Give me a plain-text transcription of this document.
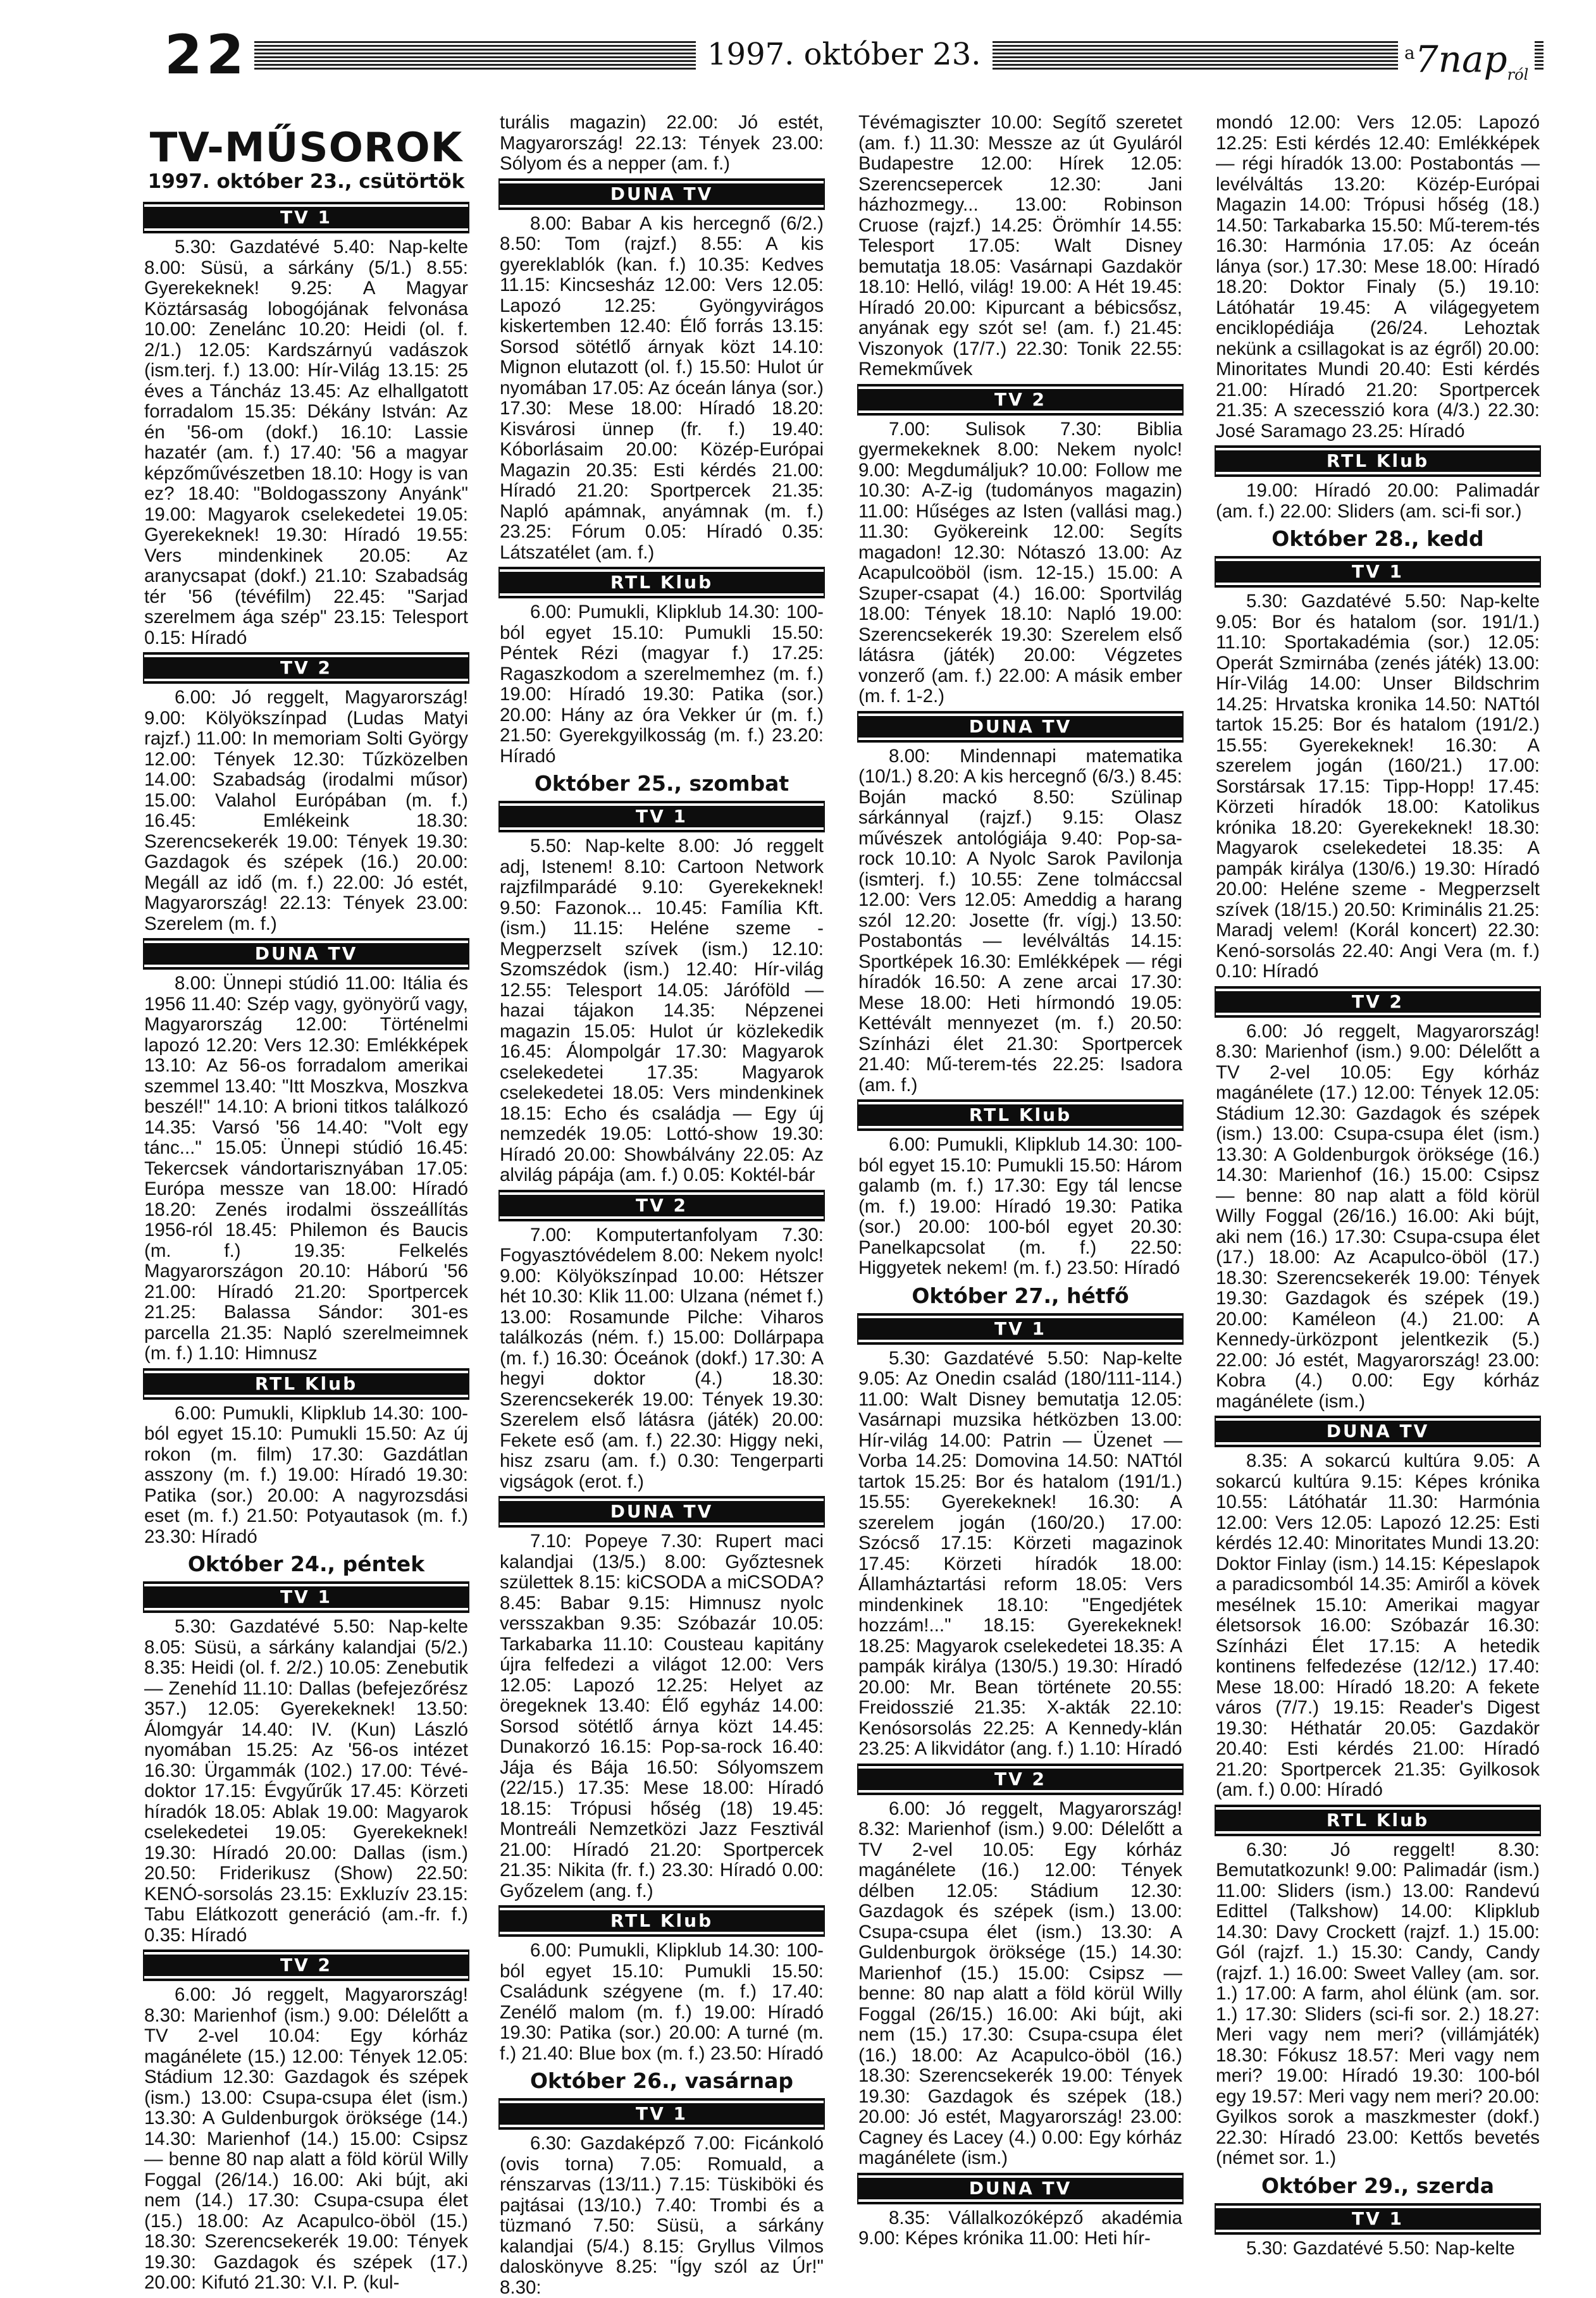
22	1997. október 23.	$^a$7nap$_{ról}$
TV-MŰSOROK
1997. október 23., csütörtök
TV 1
5.30: Gazdatévé 5.40: Nap-kelte 8.00: Süsü, a sárkány (5/1.) 8.55: Gyerekeknek! 9.25: A Magyar Köztársaság lobogójának felvonása 10.00: Zenelánc 10.20: Heidi (ol. f. 2/1.) 12.05: Kardszárnyú vadászok (ism.terj. f.) 13.00: Hír-Világ 13.15: 25 éves a Táncház 13.45: Az elhallgatott forradalom 15.35: Dékány István: Az én '56-om (dokf.) 16.10: Lassie hazatér (am. f.) 17.40: '56 a magyar képzőművészetben 18.10: Hogy is van ez? 18.40: "Boldogasszony Anyánk" 19.00: Magyarok cselekedetei 19.05: Gyerekeknek! 19.30: Híradó 19.55: Vers mindenkinek 20.05: Az aranycsapat (dokf.) 21.10: Szabadság tér '56 (tévéfilm) 22.45: "Sarjad szerelmem ága szép" 23.15: Telesport 0.15: Híradó
TV 2
6.00: Jó reggelt, Magyarország! 9.00: Kölyökszínpad (Ludas Matyi rajzf.) 11.00: In memoriam Solti György 12.00: Tények 12.30: Tűzközelben 14.00: Szabadság (irodalmi műsor) 15.00: Valahol Európában (m. f.) 16.45: Emlékeink 18.30: Szerencsekerék 19.00: Tények 19.30: Gazdagok és szépek (16.) 20.00: Megáll az idő (m. f.) 22.00: Jó estét, Magyarország! 22.13: Tények 23.00: Szerelem (m. f.)
DUNA TV
8.00: Ünnepi stúdió 11.00: Itália és 1956 11.40: Szép vagy, gyönyörű vagy, Magyarország 12.00: Történelmi lapozó 12.20: Vers 12.30: Emlékképek 13.10: Az 56-os forradalom amerikai szemmel 13.40: "Itt Moszkva, Moszkva beszél!" 14.10: A brioni titkos találkozó 14.35: Varsó '56 14.40: "Volt egy tánc..." 15.05: Ünnepi stúdió 16.45: Tekercsek vándortarisznyában 17.05: Európa messze van 18.00: Híradó 18.20: Zenés irodalmi összeállítás 1956-ról 18.45: Philemon és Baucis (m. f.) 19.35: Felkelés Magyarországon 20.10: Háború '56 21.00: Híradó 21.20: Sportpercek 21.25: Balassa Sándor: 301-es parcella 21.35: Napló szerelmeimnek (m. f.) 1.10: Himnusz
RTL Klub
6.00: Pumukli, Klipklub 14.30: 100-ból egyet 15.10: Pumukli 15.50: Az új rokon (m. film) 17.30: Gazdátlan asszony (m. f.) 19.00: Híradó 19.30: Patika (sor.) 20.00: A nagyrozsdási eset (m. f.) 21.50: Potyautasok (m. f.) 23.30: Híradó
Október 24., péntek
TV 1
5.30: Gazdatévé 5.50: Nap-kelte 8.05: Süsü, a sárkány kalandjai (5/2.) 8.35: Heidi (ol. f. 2/2.) 10.05: Zenebutik — Zenehíd 11.10: Dallas (befejezőrész 357.) 12.05: Gyerekeknek! 13.50: Álomgyár 14.40: IV. (Kun) László nyomában 15.25: Az '56-os intézet 16.30: Ürgammák (102.) 17.00: Tévé-doktor 17.15: Évgyűrűk 17.45: Körzeti híradók 18.05: Ablak 19.00: Magyarok cselekedetei 19.05: Gyerekeknek! 19.30: Híradó 20.00: Dallas (ism.) 20.50: Friderikusz (Show) 22.50: KENÓ-sorsolás 23.15: Exkluzív 23.15: Tabu Elátkozott generáció (am.-fr. f.) 0.35: Híradó
TV 2
6.00: Jó reggelt, Magyarország! 8.30: Marienhof (ism.) 9.00: Délelőtt a TV 2-vel 10.04: Egy kórház magánélete (15.) 12.00: Tények 12.05: Stádium 12.30: Gazdagok és szépek (ism.) 13.00: Csupa-csupa élet (ism.) 13.30: A Guldenburgok öröksége (14.) 14.30: Marienhof (14.) 15.00: Csipsz — benne 80 nap alatt a föld körül Willy Foggal (26/14.) 16.00: Aki bújt, aki nem (14.) 17.30: Csupa-csupa élet (15.) 18.00: Az Acapulco-öböl (15.) 18.30: Szerencsekerék 19.00: Tények 19.30: Gazdagok és szépek (17.) 20.00: Kifutó 21.30: V.I. P. (kul-
turális magazin) 22.00: Jó estét, Magyarország! 22.13: Tények 23.00: Sólyom és a nepper (am. f.)
DUNA TV
8.00: Babar A kis hercegnő (6/2.) 8.50: Tom (rajzf.) 8.55: A kis gyereklablók (kan. f.) 10.35: Kedves 11.15: Kincsesház 12.00: Vers 12.05: Lapozó 12.25: Gyöngyvirágos kiskertemben 12.40: Élő forrás 13.15: Sorsod sötétlő árnyak közt 14.10: Mignon elutazott (ol. f.) 15.50: Hulot úr nyomában 17.05: Az óceán lánya (sor.) 17.30: Mese 18.00: Híradó 18.20: Kisvárosi ünnep (fr. f.) 19.40: Kóborlásaim 20.00: Közép-Európai Magazin 20.35: Esti kérdés 21.00: Híradó 21.20: Sportpercek 21.35: Napló apámnak, anyámnak (m. f.) 23.25: Fórum 0.05: Híradó 0.35: Látszatélet (am. f.)
RTL Klub
6.00: Pumukli, Klipklub 14.30: 100-ból egyet 15.10: Pumukli 15.50: Péntek Rézi (magyar f.) 17.25: Ragaszkodom a szerelmemhez (m. f.) 19.00: Híradó 19.30: Patika (sor.) 20.00: Hány az óra Vekker úr (m. f.) 21.50: Gyerekgyilkosság (m. f.) 23.20: Híradó
Október 25., szombat
TV 1
5.50: Nap-kelte 8.00: Jó reggelt adj, Istenem! 8.10: Cartoon Network rajzfilmparádé 9.10: Gyerekeknek! 9.50: Fazonok... 10.45: Família Kft. (ism.) 11.15: Heléne szeme - Megperzselt szívek (ism.) 12.10: Szomszédok (ism.) 12.40: Hír-világ 12.55: Telesport 14.05: Járóföld — hazai tájakon 14.35: Népzenei magazin 15.05: Hulot úr közlekedik 16.45: Álompolgár 17.30: Magyarok cselekedetei 17.35: Magyarok cselekedetei 18.05: Vers mindenkinek 18.15: Echo és családja — Egy új nemzedék 19.05: Lottó-show 19.30: Híradó 20.00: Showbálvány 22.05: Az alvilág pápája (am. f.) 0.05: Koktél-bár
TV 2
7.00: Komputertanfolyam 7.30: Fogyasztóvédelem 8.00: Nekem nyolc! 9.00: Kölyökszínpad 10.00: Hétszer hét 10.30: Klik 11.00: Ulzana (német f.) 13.00: Rosamunde Pilche: Viharos találkozás (ném. f.) 15.00: Dollárpapa (m. f.) 16.30: Óceánok (dokf.) 17.30: A hegyi doktor (4.) 18.30: Szerencsekerék 19.00: Tények 19.30: Szerelem első látásra (játék) 20.00: Fekete eső (am. f.) 22.30: Higgy neki, hisz zsaru (am. f.) 0.30: Tengerparti vigságok (erot. f.)
DUNA TV
7.10: Popeye 7.30: Rupert maci kalandjai (13/5.) 8.00: Győztesnek születtek 8.15: kiCSODA a miCSODA? 8.45: Babar 9.15: Himnusz nyolc versszakban 9.35: Szóbazár 10.05: Tarkabarka 11.10: Cousteau kapitány újra felfedezi a világot 12.00: Vers 12.05: Lapozó 12.25: Helyet az öregeknek 13.40: Élő egyház 14.00: Sorsod sötétlő árnya közt 14.45: Dunakorzó 16.15: Pop-sa-rock 16.40: Jája és Bája 16.50: Sólyomszem (22/15.) 17.35: Mese 18.00: Híradó 18.15: Trópusi hőség (18) 19.45: Montreáli Nemzetközi Jazz Fesztivál 21.00: Híradó 21.20: Sportpercek 21.35: Nikita (fr. f.) 23.30: Híradó 0.00: Győzelem (ang. f.)
RTL Klub
6.00: Pumukli, Klipklub 14.30: 100-ból egyet 15.10: Pumukli 15.50: Családunk szégyene (m. f.) 17.40: Zenélő malom (m. f.) 19.00: Híradó 19.30: Patika (sor.) 20.00: A turné (m. f.) 21.40: Blue box (m. f.) 23.50: Híradó
Október 26., vasárnap
TV 1
6.30: Gazdaképző 7.00: Ficánkoló (ovis torna) 7.05: Romuald, a rénszarvas (13/11.) 7.15: Tüskiböki és pajtásai (13/10.) 7.40: Trombi és a tüzmanó 7.50: Süsü, a sárkány kalandjai (5/4.) 8.15: Gryllus Vilmos daloskönyve 8.25: "Így szól az Úr!" 8.30:
Tévémagiszter 10.00: Segítő szeretet (am. f.) 11.30: Messze az út Gyuláról Budapestre 12.00: Hírek 12.05: Szerencsepercek 12.30: Jani házhozmegy... 13.00: Robinson Cruose (rajzf.) 14.25: Örömhír 14.55: Telesport 17.05: Walt Disney bemutatja 18.05: Vasárnapi Gazdakör 18.10: Helló, világ! 19.00: A Hét 19.45: Híradó 20.00: Kipurcant a bébicsősz, anyának egy szót se! (am. f.) 21.45: Viszonyok (17/7.) 22.30: Tonik 22.55: Remekművek
TV 2
7.00: Sulisok 7.30: Biblia gyermekeknek 8.00: Nekem nyolc! 9.00: Megdumáljuk? 10.00: Follow me 10.30: A-Z-ig (tudományos magazin) 11.00: Hűséges az Isten (vallási mag.) 11.30: Gyökereink 12.00: Segíts magadon! 12.30: Nótaszó 13.00: Az Acapulcoöböl (ism. 12-15.) 15.00: A Szuper-csapat (4.) 16.00: Sportvilág 18.00: Tények 18.10: Napló 19.00: Szerencsekerék 19.30: Szerelem első látásra (játék) 20.00: Végzetes vonzerő (am. f.) 22.00: A másik ember (m. f. 1-2.)
DUNA TV
8.00: Mindennapi matematika (10/1.) 8.20: A kis hercegnő (6/3.) 8.45: Boján mackó 8.50: Szülinap sárkánnyal (rajzf.) 9.15: Olasz művészek antológiája 9.40: Pop-sa-rock 10.10: A Nyolc Sarok Pavilonja (ismterj. f.) 10.55: Zene tolmáccsal 12.00: Vers 12.05: Ameddig a harang szól 12.20: Josette (fr. vígj.) 13.50: Postabontás — levélváltás 14.15: Sportképek 16.30: Emlékképek — régi híradók 16.50: A zene arcai 17.30: Mese 18.00: Heti hírmondó 19.05: Kettévált mennyezet (m. f.) 20.50: Színházi élet 21.30: Sportpercek 21.40: Mű-terem-tés 22.25: Isadora (am. f.)
RTL Klub
6.00: Pumukli, Klipklub 14.30: 100-ból egyet 15.10: Pumukli 15.50: Három galamb (m. f.) 17.30: Egy tál lencse (m. f.) 19.00: Híradó 19.30: Patika (sor.) 20.00: 100-ból egyet 20.30: Panelkapcsolat (m. f.) 22.50: Higgyetek nekem! (m. f.) 23.50: Híradó
Október 27., hétfő
TV 1
5.30: Gazdatévé 5.50: Nap-kelte 9.05: Az Onedin család (180/111-114.) 11.00: Walt Disney bemutatja 12.05: Vasárnapi muzsika hétközben 13.00: Hír-világ 14.00: Patrin — Üzenet — Vorba 14.25: Domovina 14.50: NATtól tartok 15.25: Bor és hatalom (191/1.) 15.55: Gyerekeknek! 16.30: A szerelem jogán (160/20.) 17.00: Szócső 17.15: Körzeti magazinok 17.45: Körzeti híradók 18.00: Államháztartási reform 18.05: Vers mindenkinek 18.10: "Engedjétek hozzám!..." 18.15: Gyerekeknek! 18.25: Magyarok cselekedetei 18.35: A pampák királya (130/5.) 19.30: Híradó 20.00: Mr. Bean története 20.55: Freidosszié 21.35: X-akták 22.10: Kenósorsolás 22.25: A Kennedy-klán 23.25: A likvidátor (ang. f.) 1.10: Híradó
TV 2
6.00: Jó reggelt, Magyarország! 8.32: Marienhof (ism.) 9.00: Délelőtt a TV 2-vel 10.05: Egy kórház magánélete (16.) 12.00: Tények délben 12.05: Stádium 12.30: Gazdagok és szépek (ism.) 13.00: Csupa-csupa élet (ism.) 13.30: A Guldenburgok öröksége (15.) 14.30: Marienhof (15.) 15.00: Csipsz — benne: 80 nap alatt a föld körül Willy Foggal (26/15.) 16.00: Aki bújt, aki nem (15.) 17.30: Csupa-csupa élet (16.) 18.00: Az Acapulco-öböl (16.) 18.30: Szerencsekerék 19.00: Tények 19.30: Gazdagok és szépek (18.) 20.00: Jó estét, Magyarország! 23.00: Cagney és Lacey (4.) 0.00: Egy kórház magánélete (ism.)
DUNA TV
8.35: Vállalkozóképző akadémia 9.00: Képes krónika 11.00: Heti hír-
mondó 12.00: Vers 12.05: Lapozó 12.25: Esti kérdés 12.40: Emlékképek — régi híradók 13.00: Postabontás — levélváltás 13.20: Közép-Európai Magazin 14.00: Trópusi hőség (18.) 14.50: Tarkabarka 15.50: Mű-terem-tés 16.30: Harmónia 17.05: Az óceán lánya (sor.) 17.30: Mese 18.00: Híradó 18.20: Doktor Finaly (5.) 19.10: Látóhatár 19.45: A világegyetem enciklopédiája (26/24. Lehoztak nekünk a csillagokat is az égről) 20.00: Minoritates Mundi 20.40: Esti kérdés 21.00: Híradó 21.20: Sportpercek 21.35: A szecesszió kora (4/3.) 22.30: José Saramago 23.25: Híradó
RTL Klub
19.00: Híradó 20.00: Palimadár (am. f.) 22.00: Sliders (am. sci-fi sor.)
Október 28., kedd
TV 1
5.30: Gazdatévé 5.50: Nap-kelte 9.05: Bor és hatalom (sor. 191/1.) 11.10: Sportakadémia (sor.) 12.05: Operát Szmirnába (zenés játék) 13.00: Hír-Világ 14.00: Unser Bildschrim 14.25: Hrvatska kronika 14.50: NATtól tartok 15.25: Bor és hatalom (191/2.) 15.55: Gyerekeknek! 16.30: A szerelem jogán (160/21.) 17.00: Sorstársak 17.15: Tipp-Hopp! 17.45: Körzeti híradók 18.00: Katolikus krónika 18.20: Gyerekeknek! 18.30: Magyarok cselekedetei 18.35: A pampák királya (130/6.) 19.30: Híradó 20.00: Heléne szeme - Megperzselt szívek (18/15.) 20.50: Kriminális 21.25: Maradj velem! (Korál koncert) 22.30: Kenó-sorsolás 22.40: Angi Vera (m. f.) 0.10: Híradó
TV 2
6.00: Jó reggelt, Magyarország! 8.30: Marienhof (ism.) 9.00: Délelőtt a TV 2-vel 10.05: Egy kórház magánélete (17.) 12.00: Tények 12.05: Stádium 12.30: Gazdagok és szépek (ism.) 13.00: Csupa-csupa élet (ism.) 13.30: A Goldenburgok öröksége (16.) 14.30: Marienhof (16.) 15.00: Csipsz — benne: 80 nap alatt a föld körül Willy Foggal (26/16.) 16.00: Aki bújt, aki nem (16.) 17.30: Csupa-csupa élet (17.) 18.00: Az Acapulco-öböl (17.) 18.30: Szerencsekerék 19.00: Tények 19.30: Gazdagok és szépek (19.) 20.00: Kaméleon (4.) 21.00: A Kennedy-ürközpont jelentkezik (5.) 22.00: Jó estét, Magyarország! 23.00: Kobra (4.) 0.00: Egy kórház magánélete (ism.)
DUNA TV
8.35: A sokarcú kultúra 9.05: A sokarcú kultúra 9.15: Képes krónika 10.55: Látóhatár 11.30: Harmónia 12.00: Vers 12.05: Lapozó 12.25: Esti kérdés 12.40: Minoritates Mundi 13.20: Doktor Finlay (ism.) 14.15: Képeslapok a paradicsomból 14.35: Amiről a kövek mesélnek 15.10: Amerikai magyar életsorsok 16.00: Szóbazár 16.30: Színházi Élet 17.15: A hetedik kontinens felfedezése (12/12.) 17.40: Mese 18.00: Híradó 18.20: A fekete város (7/7.) 19.15: Reader's Digest 19.30: Héthatár 20.05: Gazdakör 20.40: Esti kérdés 21.00: Híradó 21.20: Sportpercek 21.35: Gyilkosok (am. f.) 0.00: Híradó
RTL Klub
6.30: Jó reggelt! 8.30: Bemutatkozunk! 9.00: Palimadár (ism.) 11.00: Sliders (ism.) 13.00: Randevú Edittel (Talkshow) 14.00: Klipklub 14.30: Davy Crockett (rajzf. 1.) 15.00: Gól (rajzf. 1.) 15.30: Candy, Candy (rajzf. 1.) 16.00: Sweet Valley (am. sor. 1.) 17.00: A farm, ahol élünk (am. sor. 1.) 17.30: Sliders (sci-fi sor. 2.) 18.27: Meri vagy nem meri? (villámjáték) 18.30: Fókusz 18.57: Meri vagy nem meri? 19.00: Híradó 19.30: 100-ból egy 19.57: Meri vagy nem meri? 20.00: Gyilkos sorok a maszkmester (dokf.) 22.30: Híradó 23.00: Kettős bevetés (német sor. 1.)
Október 29., szerda
TV 1
5.30: Gazdatévé 5.50: Nap-kelte
